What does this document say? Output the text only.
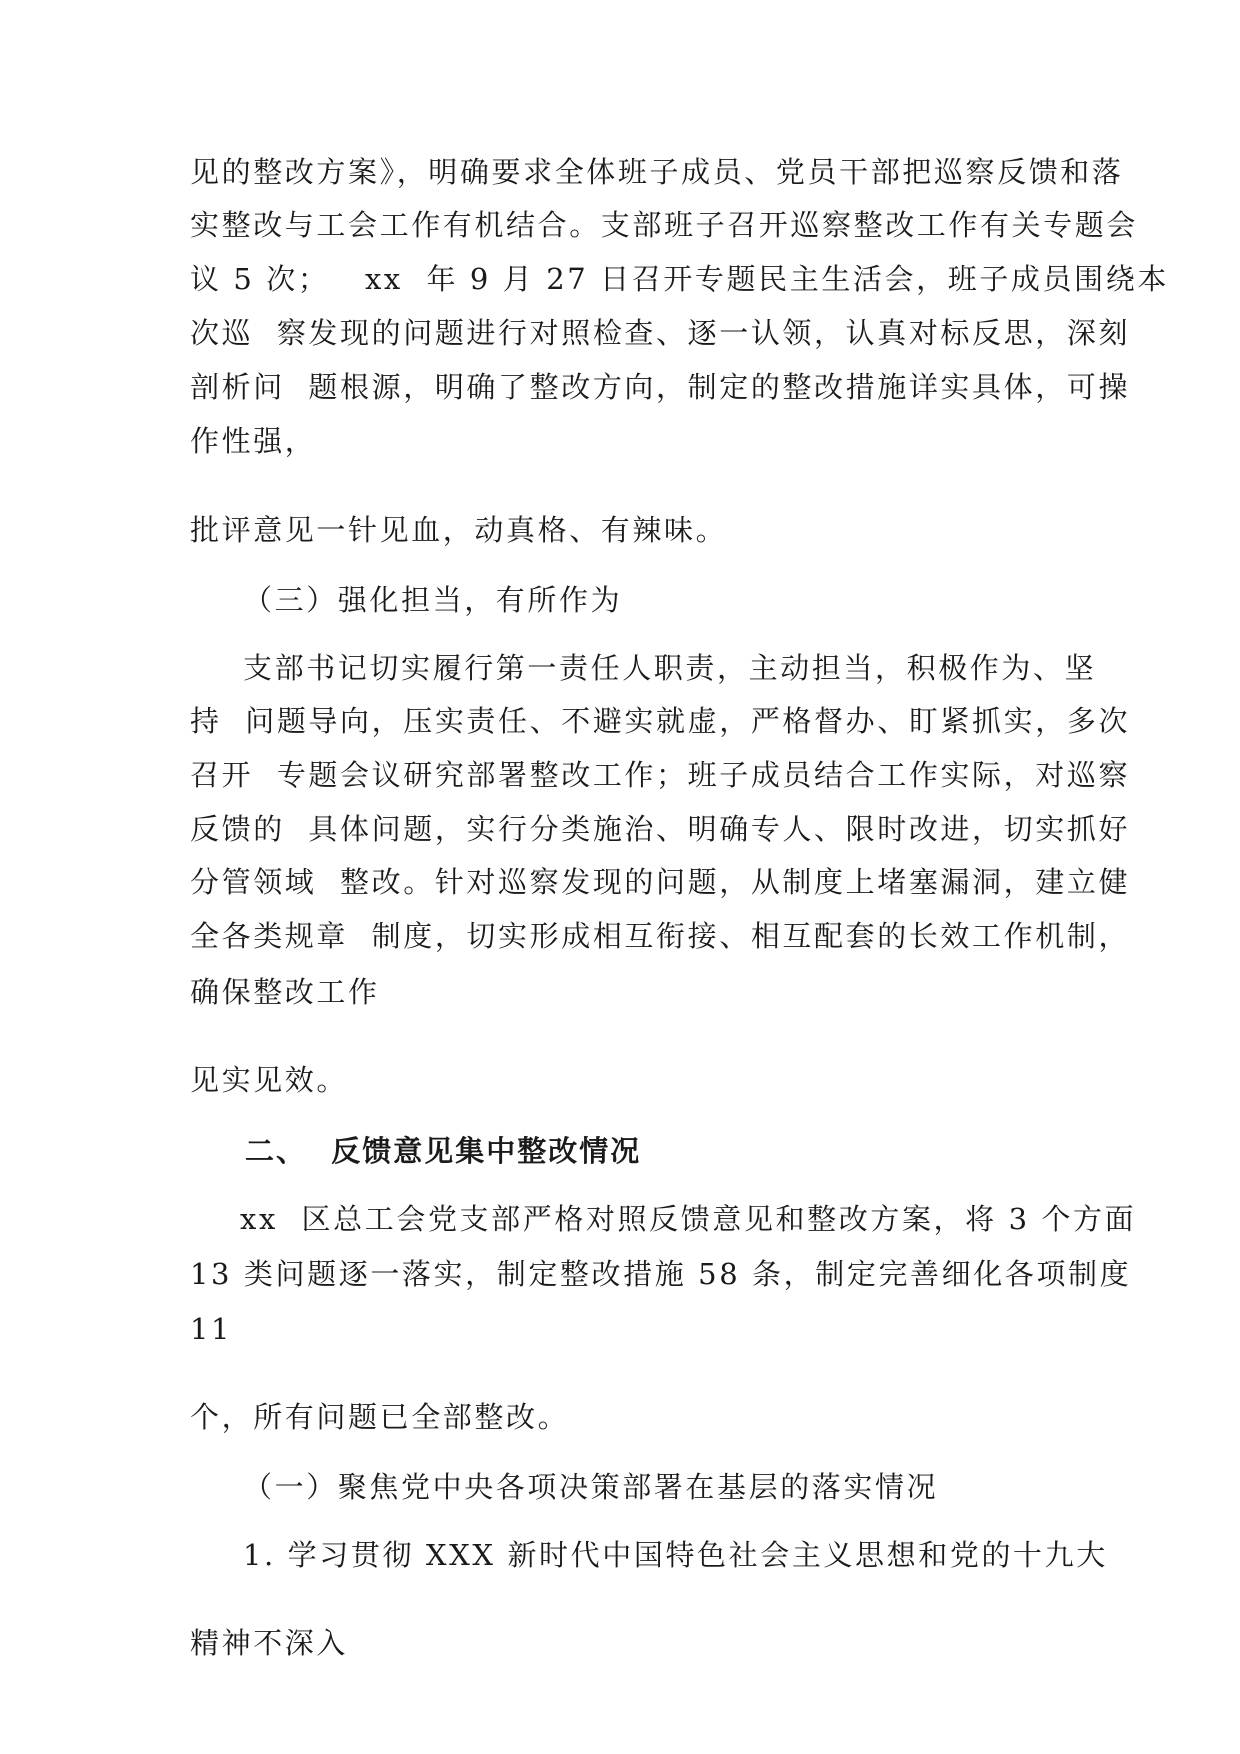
见的整改方案》，明确要求全体班子成员、党员干部把巡察反馈和落

实整改与工会工作有机结合。支部班子召开巡察整改工作有关专题会

议 5 次；   xx  年 9 月 27 日召开专题民主生活会，班子成员围绕本

次巡  察发现的问题进行对照检查、逐一认领，认真对标反思，深刻

剖析问  题根源，明确了整改方向，制定的整改措施详实具体，可操

作性强，

批评意见一针见血，动真格、有辣味。

（三）强化担当，有所作为

支部书记切实履行第一责任人职责，主动担当，积极作为、坚

持  问题导向，压实责任、不避实就虚，严格督办、盯紧抓实，多次

召开  专题会议研究部署整改工作；班子成员结合工作实际，对巡察

反馈的  具体问题，实行分类施治、明确专人、限时改进，切实抓好

分管领域  整改。针对巡察发现的问题，从制度上堵塞漏洞，建立健

全各类规章  制度，切实形成相互衔接、相互配套的长效工作机制，

确保整改工作

见实见效。

二、  反馈意见集中整改情况

xx  区总工会党支部严格对照反馈意见和整改方案，将 3 个方面

13 类问题逐一落实，制定整改措施 58 条，制定完善细化各项制度

11

个，所有问题已全部整改。

（一）聚焦党中央各项决策部署在基层的落实情况

1. 学习贯彻 XXX 新时代中国特色社会主义思想和党的十九大

精神不深入
